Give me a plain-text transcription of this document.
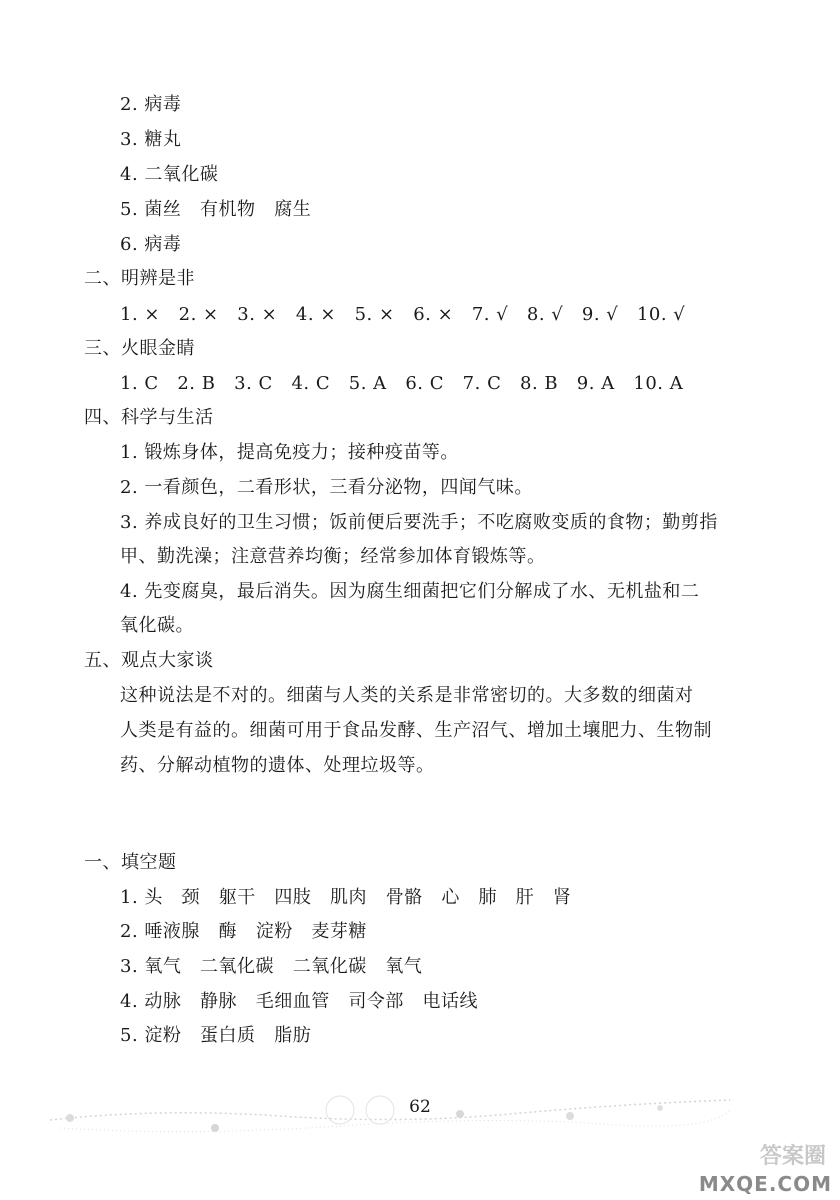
2. 病毒
3. 糖丸
4. 二氧化碳
5. 菌丝   有机物   腐生
6. 病毒
二、明辨是非
1. ×   2. ×   3. ×   4. ×   5. ×   6. ×   7. √   8. √   9. √   10. √
三、火眼金睛
1. C   2. B   3. C   4. C   5. A   6. C   7. C   8. B   9. A   10. A
四、科学与生活
1. 锻炼身体，提高免疫力；接种疫苗等。
2. 一看颜色，二看形状，三看分泌物，四闻气味。
3. 养成良好的卫生习惯；饭前便后要洗手；不吃腐败变质的食物；勤剪指
甲、勤洗澡；注意营养均衡；经常参加体育锻炼等。
4. 先变腐臭，最后消失。因为腐生细菌把它们分解成了水、无机盐和二
氧化碳。
五、观点大家谈
这种说法是不对的。细菌与人类的关系是非常密切的。大多数的细菌对
人类是有益的。细菌可用于食品发酵、生产沼气、增加土壤肥力、生物制
药、分解动植物的遗体、处理垃圾等。
一、填空题
1. 头   颈   躯干   四肢   肌肉   骨骼   心   肺   肝   肾
2. 唾液腺   酶   淀粉   麦芽糖
3. 氧气   二氧化碳   二氧化碳   氧气
4. 动脉   静脉   毛细血管   司令部   电话线
5. 淀粉   蛋白质   脂肪
62
答案圈
MXQE.COM
